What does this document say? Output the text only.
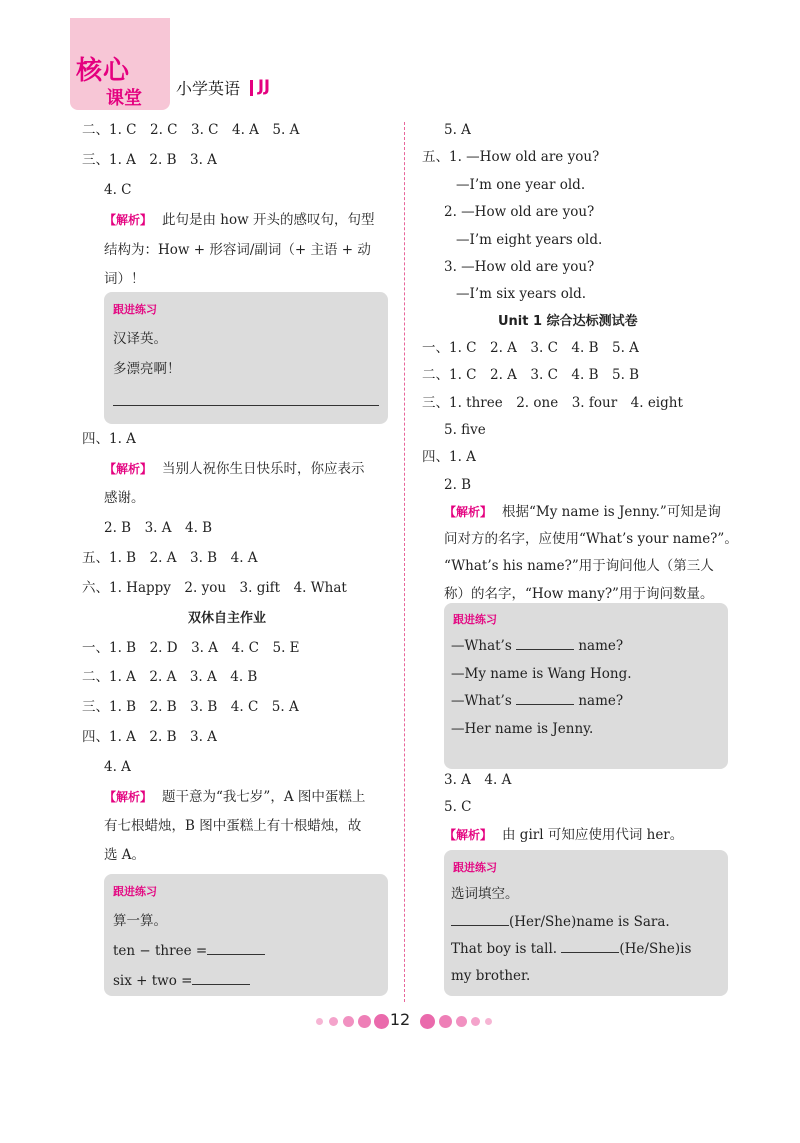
核心
课堂 小学英语 JJ
二、1. C　2. C　3. C　4. A　5. A
三、1. A　2. B　3. A
4. C
【解析】 此句是由 how 开头的感叹句，句型
结构为：How + 形容词/副词（+ 主语 + 动
词）！
跟进练习
汉译英。
多漂亮啊！
四、1. A
【解析】 当别人祝你生日快乐时，你应表示
感谢。
2. B　3. A　4. B
五、1. B　2. A　3. B　4. A
六、1. Happy　2. you　3. gift　4. What
双休自主作业
一、1. B　2. D　3. A　4. C　5. E
二、1. A　2. A　3. A　4. B
三、1. B　2. B　3. B　4. C　5. A
四、1. A　2. B　3. A
4. A
【解析】 题干意为“我七岁”，A 图中蛋糕上
有七根蜡烛，B 图中蛋糕上有十根蜡烛，故
选 A。
跟进练习
算一算。
ten − three =
six + two =
5. A
五、1. —How old are you?
—I’m one year old.
2. —How old are you?
—I’m eight years old.
3. —How old are you?
—I’m six years old.
Unit 1 综合达标测试卷
一、1. C　2. A　3. C　4. B　5. A
二、1. C　2. A　3. C　4. B　5. B
三、1. three　2. one　3. four　4. eight
5. five
四、1. A
2. B
【解析】 根据“My name is Jenny.”可知是询
问对方的名字，应使用“What’s your name?”。
“What’s his name?”用于询问他人（第三人
称）的名字，“How many?”用于询问数量。
跟进练习
—What’s	name?
—My name is Wang Hong.
—What’s	name?
—Her name is Jenny.
3. A　4. A
5. C
【解析】 由 girl 可知应使用代词 her。
跟进练习
选词填空。
(Her/She)name is Sara.
That boy is tall.	(He/She)is
my brother.
12
